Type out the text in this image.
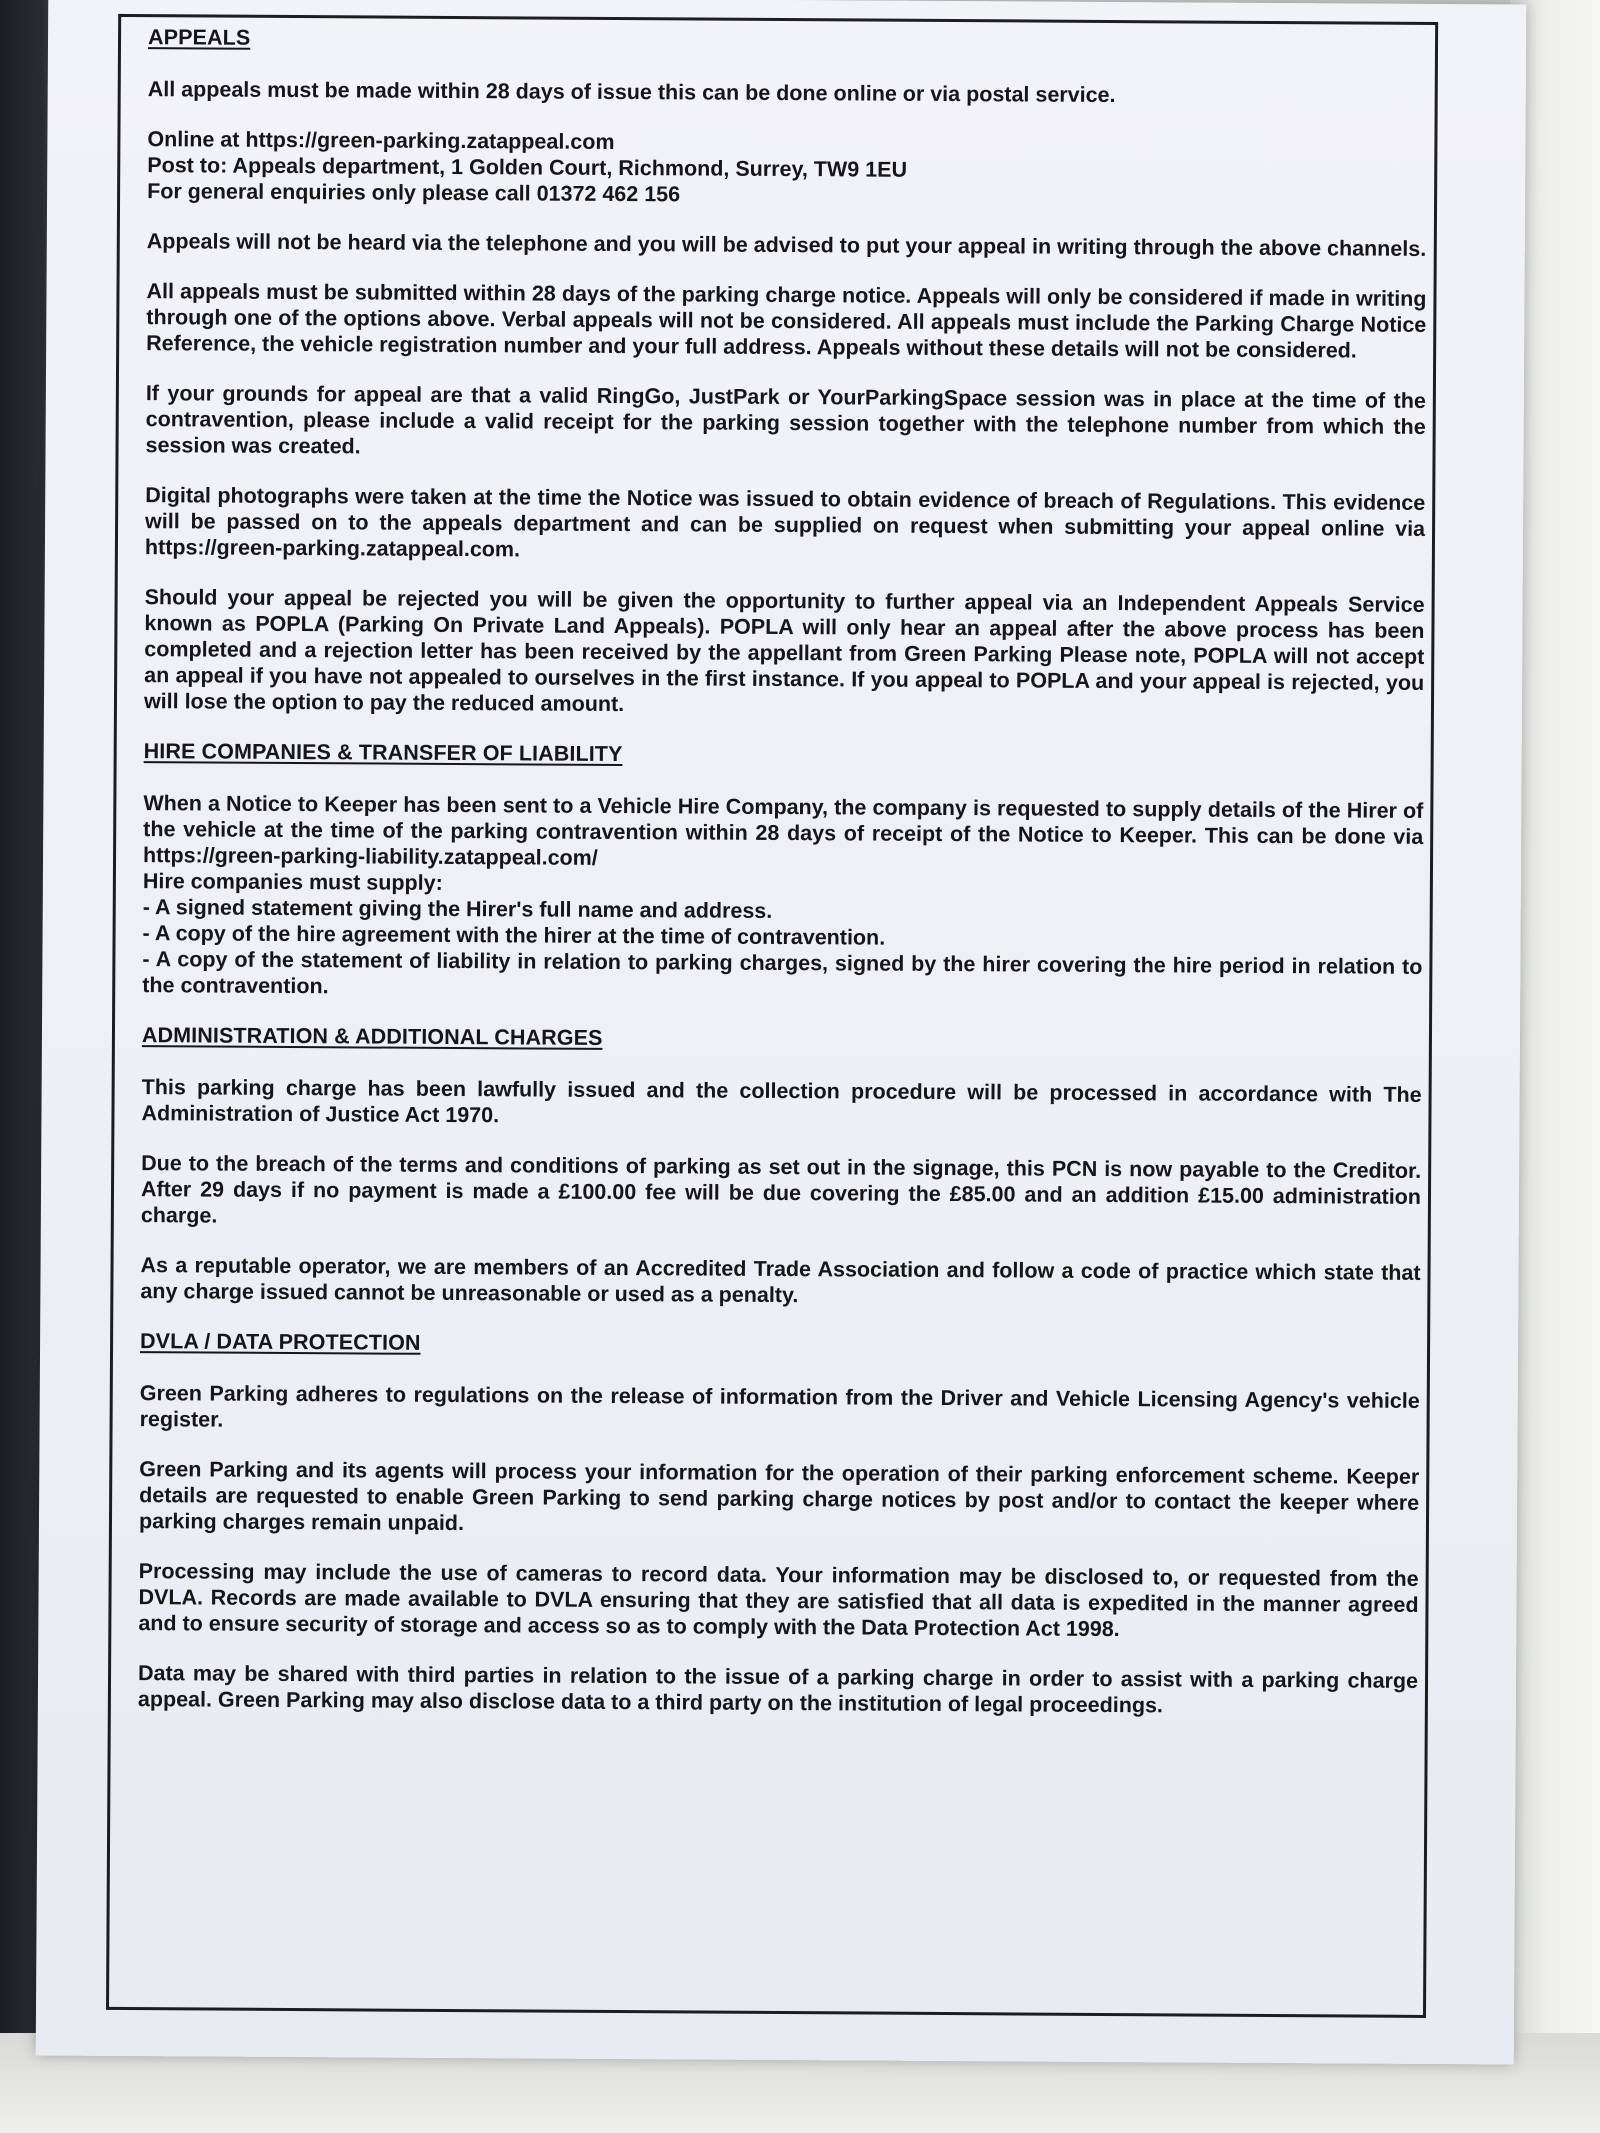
APPEALS
All appeals must be made within 28 days of issue this can be done online or via postal service.
Online at https://green-parking.zatappeal.com
Post to: Appeals department, 1 Golden Court, Richmond, Surrey, TW9 1EU
For general enquiries only please call 01372 462 156
Appeals will not be heard via the telephone and you will be advised to put your appeal in writing through the above channels.
All appeals must be submitted within 28 days of the parking charge notice. Appeals will only be considered if made in writing through one of the options above. Verbal appeals will not be considered. All appeals must include the Parking Charge Notice Reference, the vehicle registration number and your full address. Appeals without these details will not be considered.
If your grounds for appeal are that a valid RingGo, JustPark or YourParkingSpace session was in place at the time of the contravention, please include a valid receipt for the parking session together with the telephone number from which the session was created.
Digital photographs were taken at the time the Notice was issued to obtain evidence of breach of Regulations. This evidence will be passed on to the appeals department and can be supplied on request when submitting your appeal online via https://green-parking.zatappeal.com.
Should your appeal be rejected you will be given the opportunity to further appeal via an Independent Appeals Service known as POPLA (Parking On Private Land Appeals). POPLA will only hear an appeal after the above process has been completed and a rejection letter has been received by the appellant from Green Parking Please note, POPLA will not accept an appeal if you have not appealed to ourselves in the first instance. If you appeal to POPLA and your appeal is rejected, you will lose the option to pay the reduced amount.
HIRE COMPANIES & TRANSFER OF LIABILITY
When a Notice to Keeper has been sent to a Vehicle Hire Company, the company is requested to supply details of the Hirer of the vehicle at the time of the parking contravention within 28 days of receipt of the Notice to Keeper. This can be done via https://green-parking-liability.zatappeal.com/
Hire companies must supply:
- A signed statement giving the Hirer's full name and address.
- A copy of the hire agreement with the hirer at the time of contravention.
- A copy of the statement of liability in relation to parking charges, signed by the hirer covering the hire period in relation to the contravention.
ADMINISTRATION & ADDITIONAL CHARGES
This parking charge has been lawfully issued and the collection procedure will be processed in accordance with The Administration of Justice Act 1970.
Due to the breach of the terms and conditions of parking as set out in the signage, this PCN is now payable to the Creditor. After 29 days if no payment is made a £100.00 fee will be due covering the £85.00 and an addition £15.00 administration charge.
As a reputable operator, we are members of an Accredited Trade Association and follow a code of practice which state that any charge issued cannot be unreasonable or used as a penalty.
DVLA / DATA PROTECTION
Green Parking adheres to regulations on the release of information from the Driver and Vehicle Licensing Agency's vehicle register.
Green Parking and its agents will process your information for the operation of their parking enforcement scheme. Keeper details are requested to enable Green Parking to send parking charge notices by post and/or to contact the keeper where parking charges remain unpaid.
Processing may include the use of cameras to record data. Your information may be disclosed to, or requested from the DVLA. Records are made available to DVLA ensuring that they are satisfied that all data is expedited in the manner agreed and to ensure security of storage and access so as to comply with the Data Protection Act 1998.
Data may be shared with third parties in relation to the issue of a parking charge in order to assist with a parking charge appeal. Green Parking may also disclose data to a third party on the institution of legal proceedings.
